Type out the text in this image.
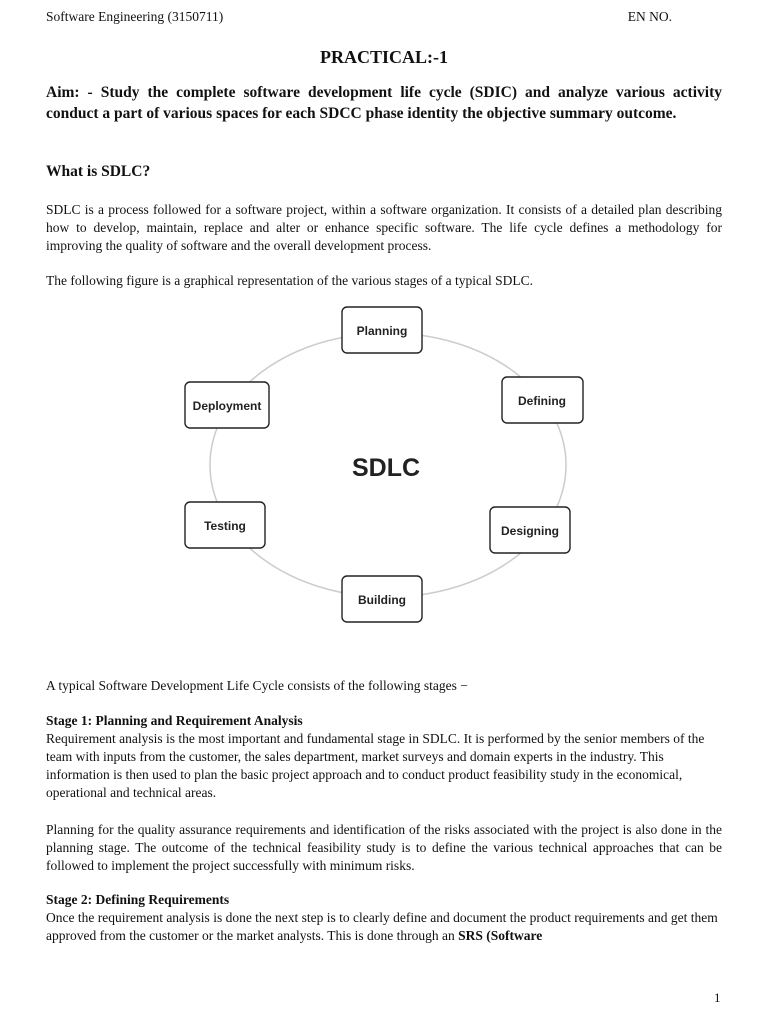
Software Engineering (3150711)	EN NO.
PRACTICAL:-1

Aim: - Study the complete software development life cycle (SDIC) and analyze various activity conduct a part of various spaces for each SDCC phase identity the objective summary outcome.

What is SDLC?

SDLC is a process followed for a software project, within a software organization. It consists of a detailed plan describing how to develop, maintain, replace and alter or enhance specific software. The life cycle defines a methodology for improving the quality of software and the overall development process.

The following figure is a graphical representation of the various stages of a typical SDLC.

SDLC
Planning
Defining
Designing
Building
Testing
Deployment

A typical Software Development Life Cycle consists of the following stages −

Stage 1: Planning and Requirement Analysis
Requirement analysis is the most important and fundamental stage in SDLC. It is performed by the senior members of the team with inputs from the customer, the sales department, market surveys and domain experts in the industry. This information is then used to plan the basic project approach and to conduct product feasibility study in the economical, operational and technical areas.

Planning for the quality assurance requirements and identification of the risks associated with the project is also done in the planning stage. The outcome of the technical feasibility study is to define the various technical approaches that can be followed to implement the project successfully with minimum risks.

Stage 2: Defining Requirements
Once the requirement analysis is done the next step is to clearly define and document the product requirements and get them approved from the customer or the market analysts. This is done through an SRS (Software
1
